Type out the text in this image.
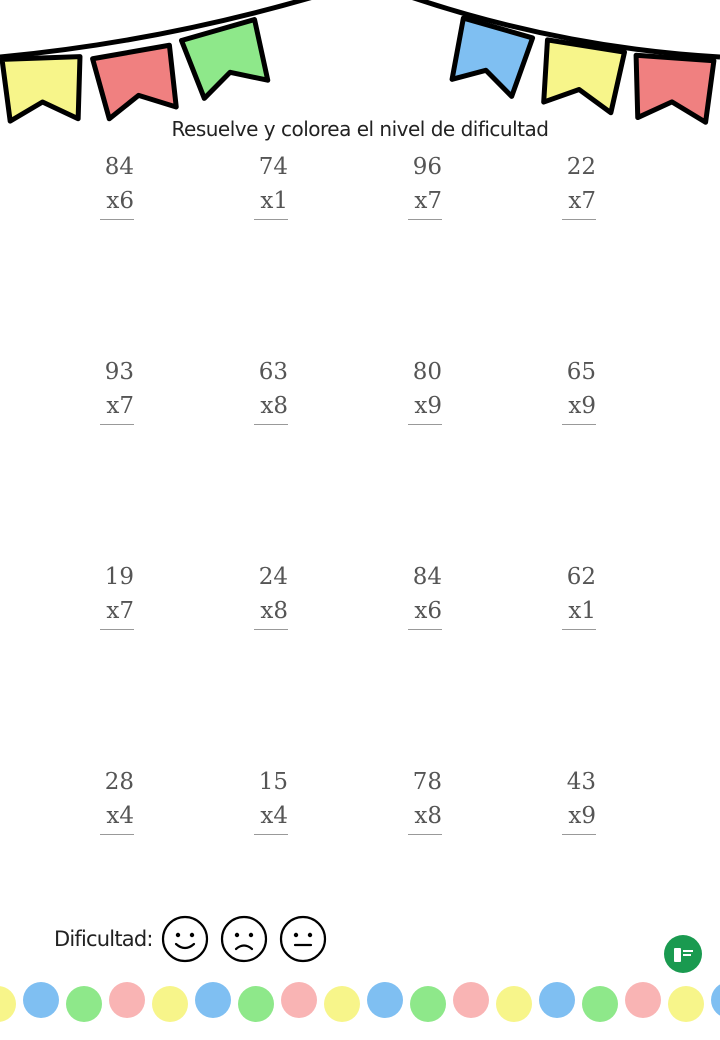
Resuelve y colorea el nivel de dificultad
84
x6
74
x1
96
x7
22
x7
93
x7
63
x8
80
x9
65
x9
19
x7
24
x8
84
x6
62
x1
28
x4
15
x4
78
x8
43
x9
Dificultad:
